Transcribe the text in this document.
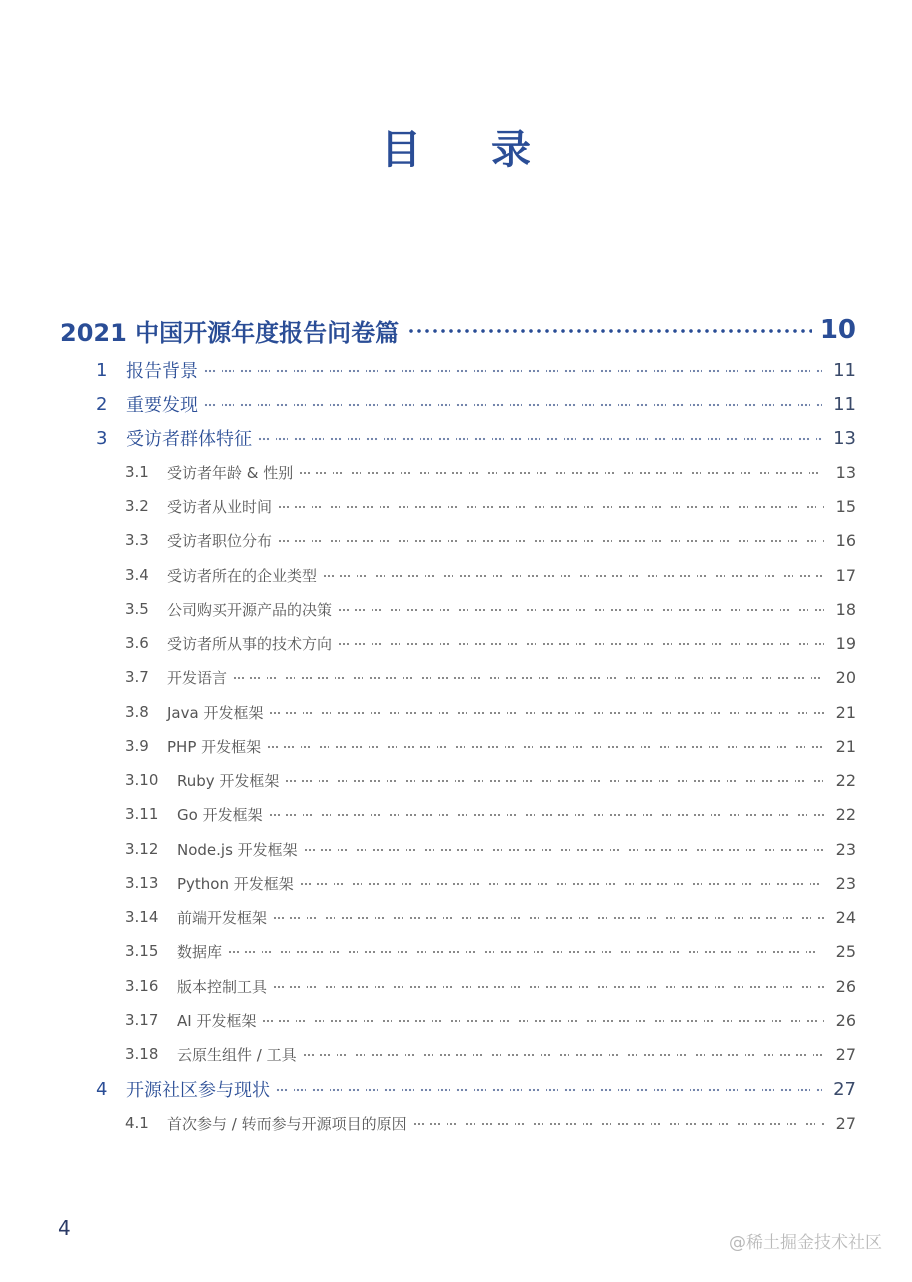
目 录
2021 中国开源年度报告问卷篇	10
1	报告背景	11
2	重要发现	11
3	受访者群体特征	13
3.1	受访者年龄 & 性别	13
3.2	受访者从业时间	15
3.3	受访者职位分布	16
3.4	受访者所在的企业类型	17
3.5	公司购买开源产品的决策	18
3.6	受访者所从事的技术方向	19
3.7	开发语言	20
3.8	Java 开发框架	21
3.9	PHP 开发框架	21
3.10	Ruby 开发框架	22
3.11	Go 开发框架	22
3.12	Node.js 开发框架	23
3.13	Python 开发框架	23
3.14	前端开发框架	24
3.15	数据库	25
3.16	版本控制工具	26
3.17	AI 开发框架	26
3.18	云原生组件 / 工具	27
4	开源社区参与现状	27
4.1	首次参与 / 转而参与开源项目的原因	27
4
@稀土掘金技术社区
